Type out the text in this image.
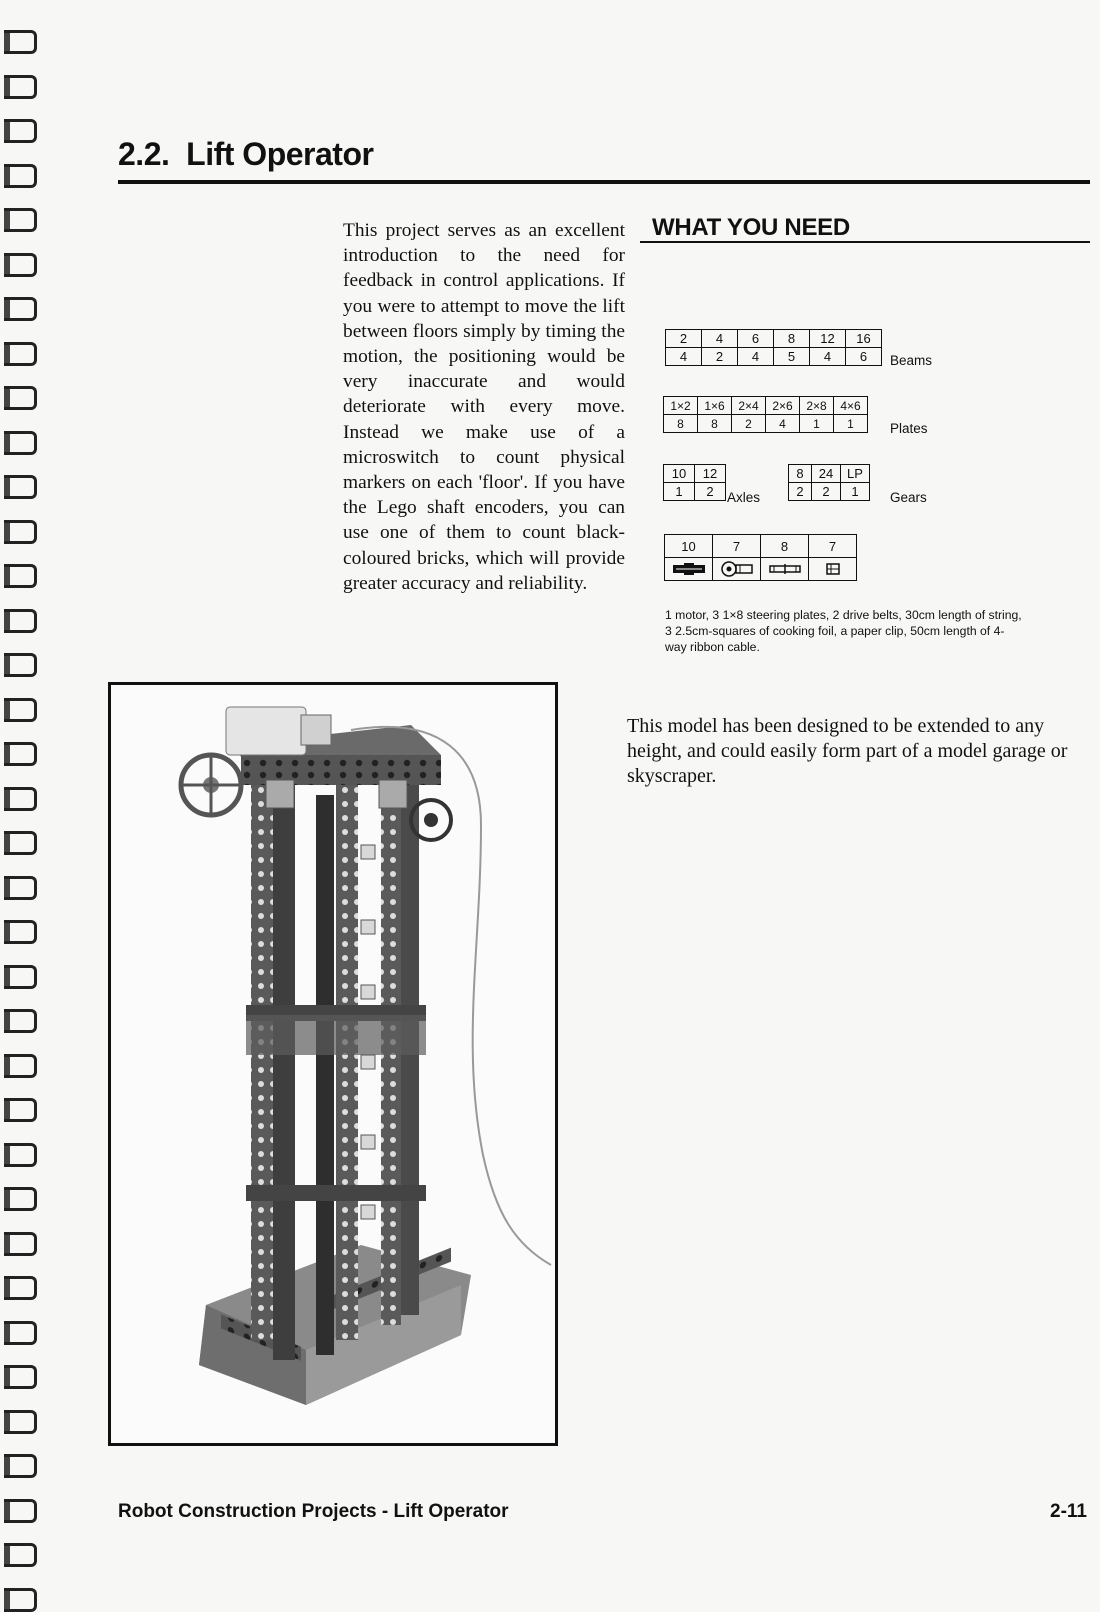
2.2. Lift Operator

This project serves as an excellent introduction to the need for feedback in control applications. If you were to attempt to move the lift between floors simply by timing the motion, the positioning would be very inaccurate and would deteriorate with every move. Instead we make use of a microswitch to count physical markers on each 'floor'. If you have the Lego shaft encoders, you can use one of them to count black-coloured bricks, which will provide greater accuracy and reliability.

WHAT YOU NEED
2	4	6	8	12	16
4	2	4	5	4	6 Beams
1×2	1×6	2×4	2×6	2×8	4×6
8	8	2	4	1	1	Plates
10	12
1	2 Axles
8	24	LP
2	2	1 Gears
10	7	8	7

1 motor, 3 1×8 steering plates, 2 drive belts, 30cm length of string, 3 2.5cm-squares of cooking foil, a paper clip, 50cm length of 4-way ribbon cable.

This model has been designed to be extended to any height, and could easily form part of a model garage or skyscraper.

Robot Construction Projects - Lift Operator	2-11
